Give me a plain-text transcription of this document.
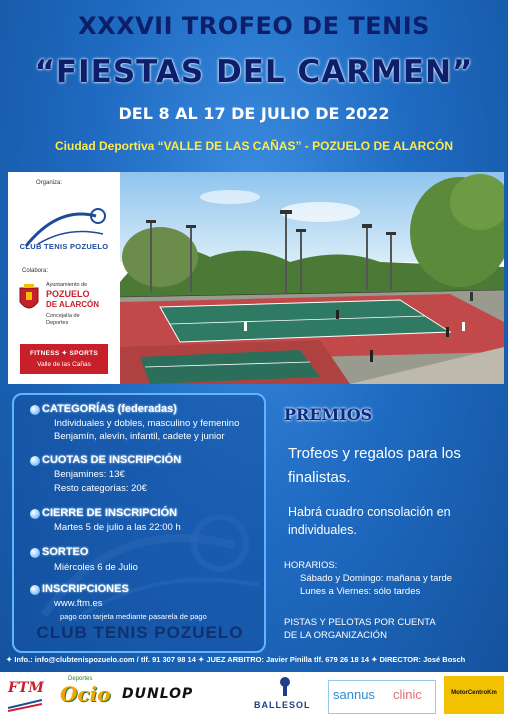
XXXVII TROFEO DE TENIS
“FIESTAS DEL CARMEN”
DEL 8 AL 17 DE JULIO DE 2022
Ciudad Deportiva “VALLE DE LAS CAÑAS” - POZUELO DE ALARCÓN
Organiza:
CLUB TENIS POZUELO
Colabora:
Ayuntamiento de
POZUELO
DE ALARCÓN
Concejalía de
Deportes
FITNESS ✦ SPORTS
Valle de las Cañas
CATEGORÍAS (federadas)
Individuales y dobles, masculino y femenino
Benjamín, alevín, infantil, cadete y junior
CUOTAS DE INSCRIPCIÓN
Benjamines: 13€
Resto categorías: 20€
CIERRE DE INSCRIPCIÓN
Martes 5 de julio a las 22:00 h
SORTEO
Miércoles 6 de Julio
INSCRIPCIONES
www.ftm.es
pago con tarjeta mediante pasarela de pago
CLUB TENIS POZUELO
PREMIOS
Trofeos y regalos para los
finalistas.
Habrá cuadro consolación en
individuales.
HORARIOS:
Sábado y Domingo: mañana y tarde
Lunes a Viernes: sólo tardes
PISTAS Y PELOTAS POR CUENTA
DE LA ORGANIZACIÓN
✦ Info.: info@clubtenispozuelo.com / tlf. 91 307 98 14 ✦ JUEZ ARBITRO: Javier Pinilla tlf. 679 26 18 14 ✦ DIRECTOR: José Bosch
FTM
Deportes
Ocio DUNLOP
BALLESOL
sannus clinic	MotorCentroKm
